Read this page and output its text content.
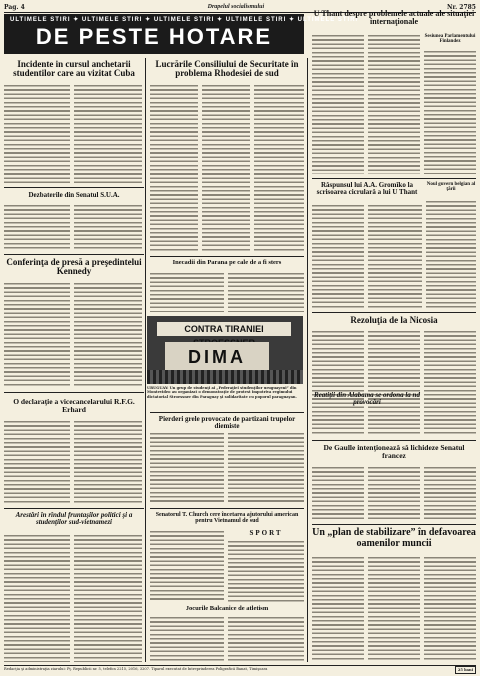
Pag. 4	Drapelul socialismului	Nr. 2785
ULTIMELE STIRI ✦ ULTIMELE STIRI ✦ ULTIMELE STIRI ✦ ULTIMELE STIRI ✦ ULTIMELE STIRI
DE PESTE HOTARE
Incidente in cursul anchetarii studentilor care au vizitat Cuba
Dezbaterile din Senatul S.U.A.
Conferinţa de presă a preşedintelui Kennedy
O declaraţie a vicecancelarului R.F.G. Erhard
Arestări în rîndul fruntaşilor politici şi a studenţilor sud-vietnamezi
Lucrările Consiliului de Securitate în problema Rhodesiei de sud
Inecadii din Parana pe cale de a fi sters
CONTRA TIRANIEI
DIMA
URUGUAY: Un grup de studenţi ai „Federaţiei studenţilor uruguayeni” din Montevideo au organizat o demonstraţie de protest împotriva regimului dictatorial Stroessner din Paraguay şi solidaritate cu poporul paraguayan.
Pierderi grele provocate de partizani trupelor diemiste
Senatorul T. Church cere încetarea ajutorului american pentru Vietnamul de sud
SPORT
Jocurile Balcanice de atletism
U Thant despre problemele actuale ale situaţiei internaţionale
Sesiunea Parlamentului Finlandez
Răspunsul lui A.A. Gromîko la scrisoarea cicrulară a lui U Thant
Noul guvern belgian al ţării
Rezoluţia de la Nicosia
Reatiții din Alabama se ordona la nd provocări
De Gaulle intenţionează să lichideze Senatul francez
Un „plan de stabilizare” în defavoarea oamenilor muncii
Redacţia şi administraţia ziarului: Pţ. Republicii nr. 5, telefon 2215, 2016, 3207. Tiparul executat de întreprinderea Poligrafică Banat, Timişoara	25 bani
